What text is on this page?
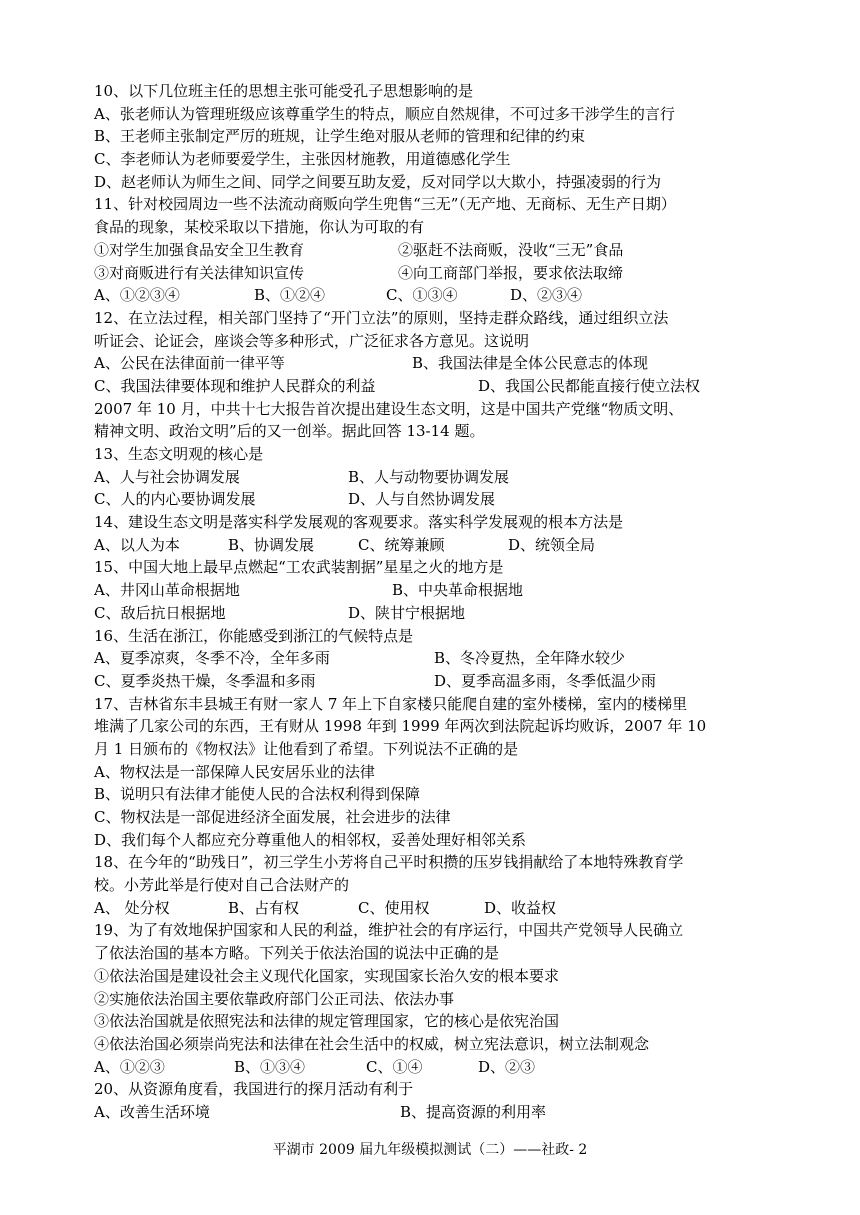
10、以下几位班主任的思想主张可能受孔子思想影响的是
A、张老师认为管理班级应该尊重学生的特点，顺应自然规律，不可过多干涉学生的言行
B、王老师主张制定严厉的班规，让学生绝对服从老师的管理和纪律的约束
C、李老师认为老师要爱学生，主张因材施教，用道德感化学生
D、赵老师认为师生之间、同学之间要互助友爱，反对同学以大欺小，持强凌弱的行为
11、针对校园周边一些不法流动商贩向学生兜售“三无”（无产地、无商标、无生产日期）
食品的现象，某校采取以下措施，你认为可取的有
①对学生加强食品安全卫生教育	②驱赶不法商贩，没收“三无”食品
③对商贩进行有关法律知识宣传	④向工商部门举报，要求依法取缔
A、①②③④	B、①②④	C、①③④	D、②③④
12、在立法过程，相关部门坚持了“开门立法”的原则，坚持走群众路线，通过组织立法
听证会、论证会，座谈会等多种形式，广泛征求各方意见。这说明
A、公民在法律面前一律平等	B、我国法律是全体公民意志的体现
C、我国法律要体现和维护人民群众的利益	D、我国公民都能直接行使立法权
2007 年 10 月，中共十七大报告首次提出建设生态文明，这是中国共产党继“物质文明、
精神文明、政治文明”后的又一创举。据此回答 13-14 题。
13、生态文明观的核心是
A、人与社会协调发展	B、人与动物要协调发展
C、人的内心要协调发展	D、人与自然协调发展
14、建设生态文明是落实科学发展观的客观要求。落实科学发展观的根本方法是
A、以人为本	B、协调发展	C、统筹兼顾	D、统领全局
15、中国大地上最早点燃起“工农武装割据”星星之火的地方是
A、井冈山革命根据地	B、中央革命根据地
C、敌后抗日根据地	D、陕甘宁根据地
16、生活在浙江，你能感受到浙江的气候特点是
A、夏季凉爽，冬季不冷，全年多雨	B、冬冷夏热，全年降水较少
C、夏季炎热干燥，冬季温和多雨	D、夏季高温多雨，冬季低温少雨
17、吉林省东丰县城王有财一家人 7 年上下自家楼只能爬自建的室外楼梯，室内的楼梯里
堆满了几家公司的东西，王有财从 1998 年到 1999 年两次到法院起诉均败诉，2007 年 10
月 1 日颁布的《物权法》让他看到了希望。下列说法不正确的是
A、物权法是一部保障人民安居乐业的法律
B、说明只有法律才能使人民的合法权利得到保障
C、物权法是一部促进经济全面发展，社会进步的法律
D、我们每个人都应充分尊重他人的相邻权，妥善处理好相邻关系
18、在今年的“助残日”，初三学生小芳将自己平时积攒的压岁钱捐献给了本地特殊教育学
校。小芳此举是行使对自己合法财产的
A、 处分权	B、占有权	C、使用权	D、收益权
19、为了有效地保护国家和人民的利益，维护社会的有序运行，中国共产党领导人民确立
了依法治国的基本方略。下列关于依法治国的说法中正确的是
①依法治国是建设社会主义现代化国家，实现国家长治久安的根本要求
②实施依法治国主要依靠政府部门公正司法、依法办事
③依法治国就是依照宪法和法律的规定管理国家，它的核心是依宪治国
④依法治国必须崇尚宪法和法律在社会生活中的权威，树立宪法意识，树立法制观念
A、①②③	B、①③④	C、①④	D、②③
20、从资源角度看，我国进行的探月活动有利于
A、改善生活环境	B、提高资源的利用率
平湖市 2009 届九年级模拟测试（二）——社政- 2
